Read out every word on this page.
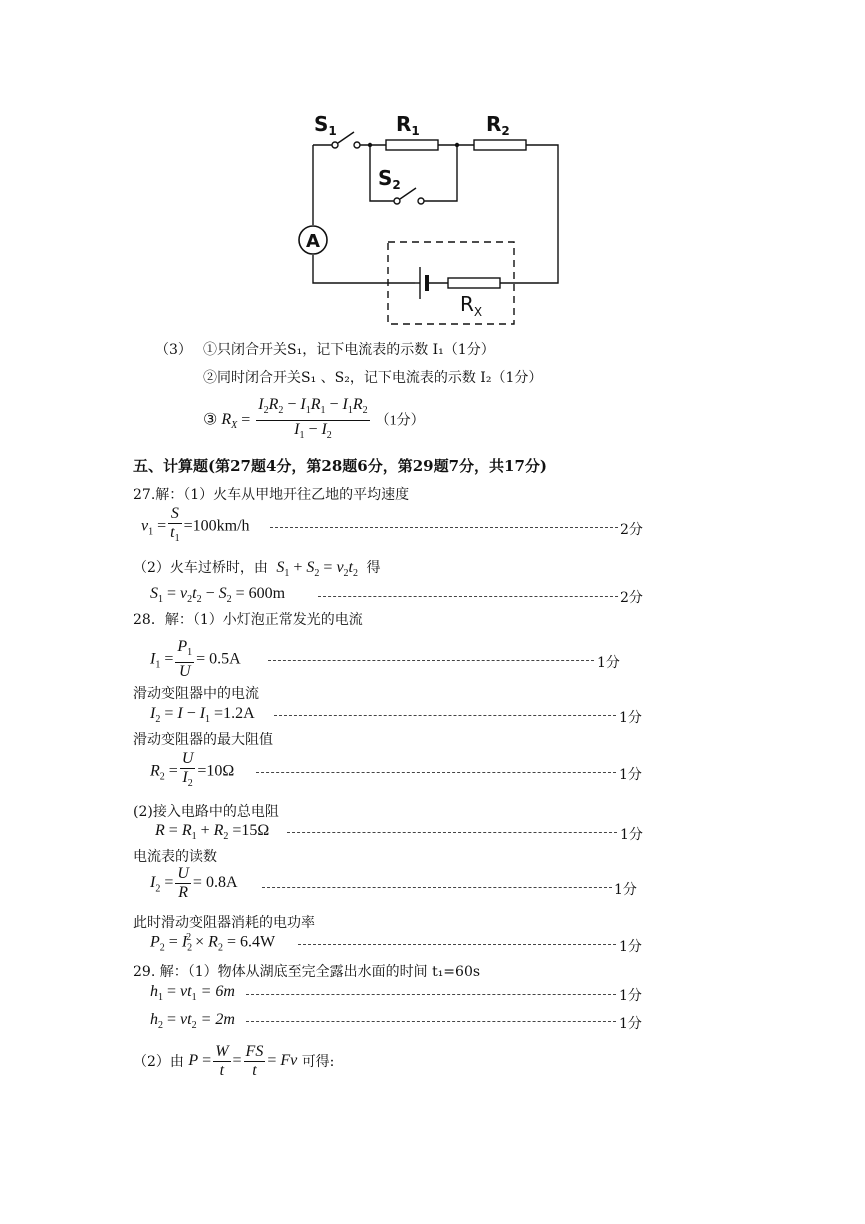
A
$S_1$	$R_1$	$R_2$
$S_2$
$R_X$
（3） ①只闭合开关S₁，记下电流表的示数 I₁（1分）
②同时闭合开关S₁ 、S₂，记下电流表的示数 I₂（1分）
③ $R_X = \frac{I_2R_2 - I_1R_1 - I_1R_2}{I_1 - I_2} (1$分）
五、计算题(第27题4分，第28题6分，第29题7分，共17分)
27.解：（1）火车从甲地开往乙地的平均速度
$v_1 = \frac{S}{t_1} =100km/h$	2分
（2）火车过桥时，由 $S_1 + S_2 = v_2t_2$ 得
$S_1 = v_2t_2 - S_2 = 600m$	2分
28．解：（1）小灯泡正常发光的电流
$I_1 = \frac{P_1}{U} = 0.5A$	1分
滑动变阻器中的电流
$I_2 = I - I_1 =1.2A$	1分
滑动变阻器的最大阻值
$R_2 = \frac{U}{I_2} =10\Omega$	1分
(2)接入电路中的总电阻
$R = R_1 + R_2 =15\Omega$	1分
电流表的读数
$I_2 = \frac{U}{R} = 0.8A$	1分
此时滑动变阻器消耗的电功率
$P_2 = I_2^2 \times R_2 = 6.4W$	1分
29. 解：（1）物体从湖底至完全露出水面的时间 t₁=60s
$h_1 = vt_1 = 6m$	1分
$h_2 = vt_2 = 2m$	1分
（2）由 $P = \frac{W}{t} = \frac{FS}{t} = Fv$ 可得:
